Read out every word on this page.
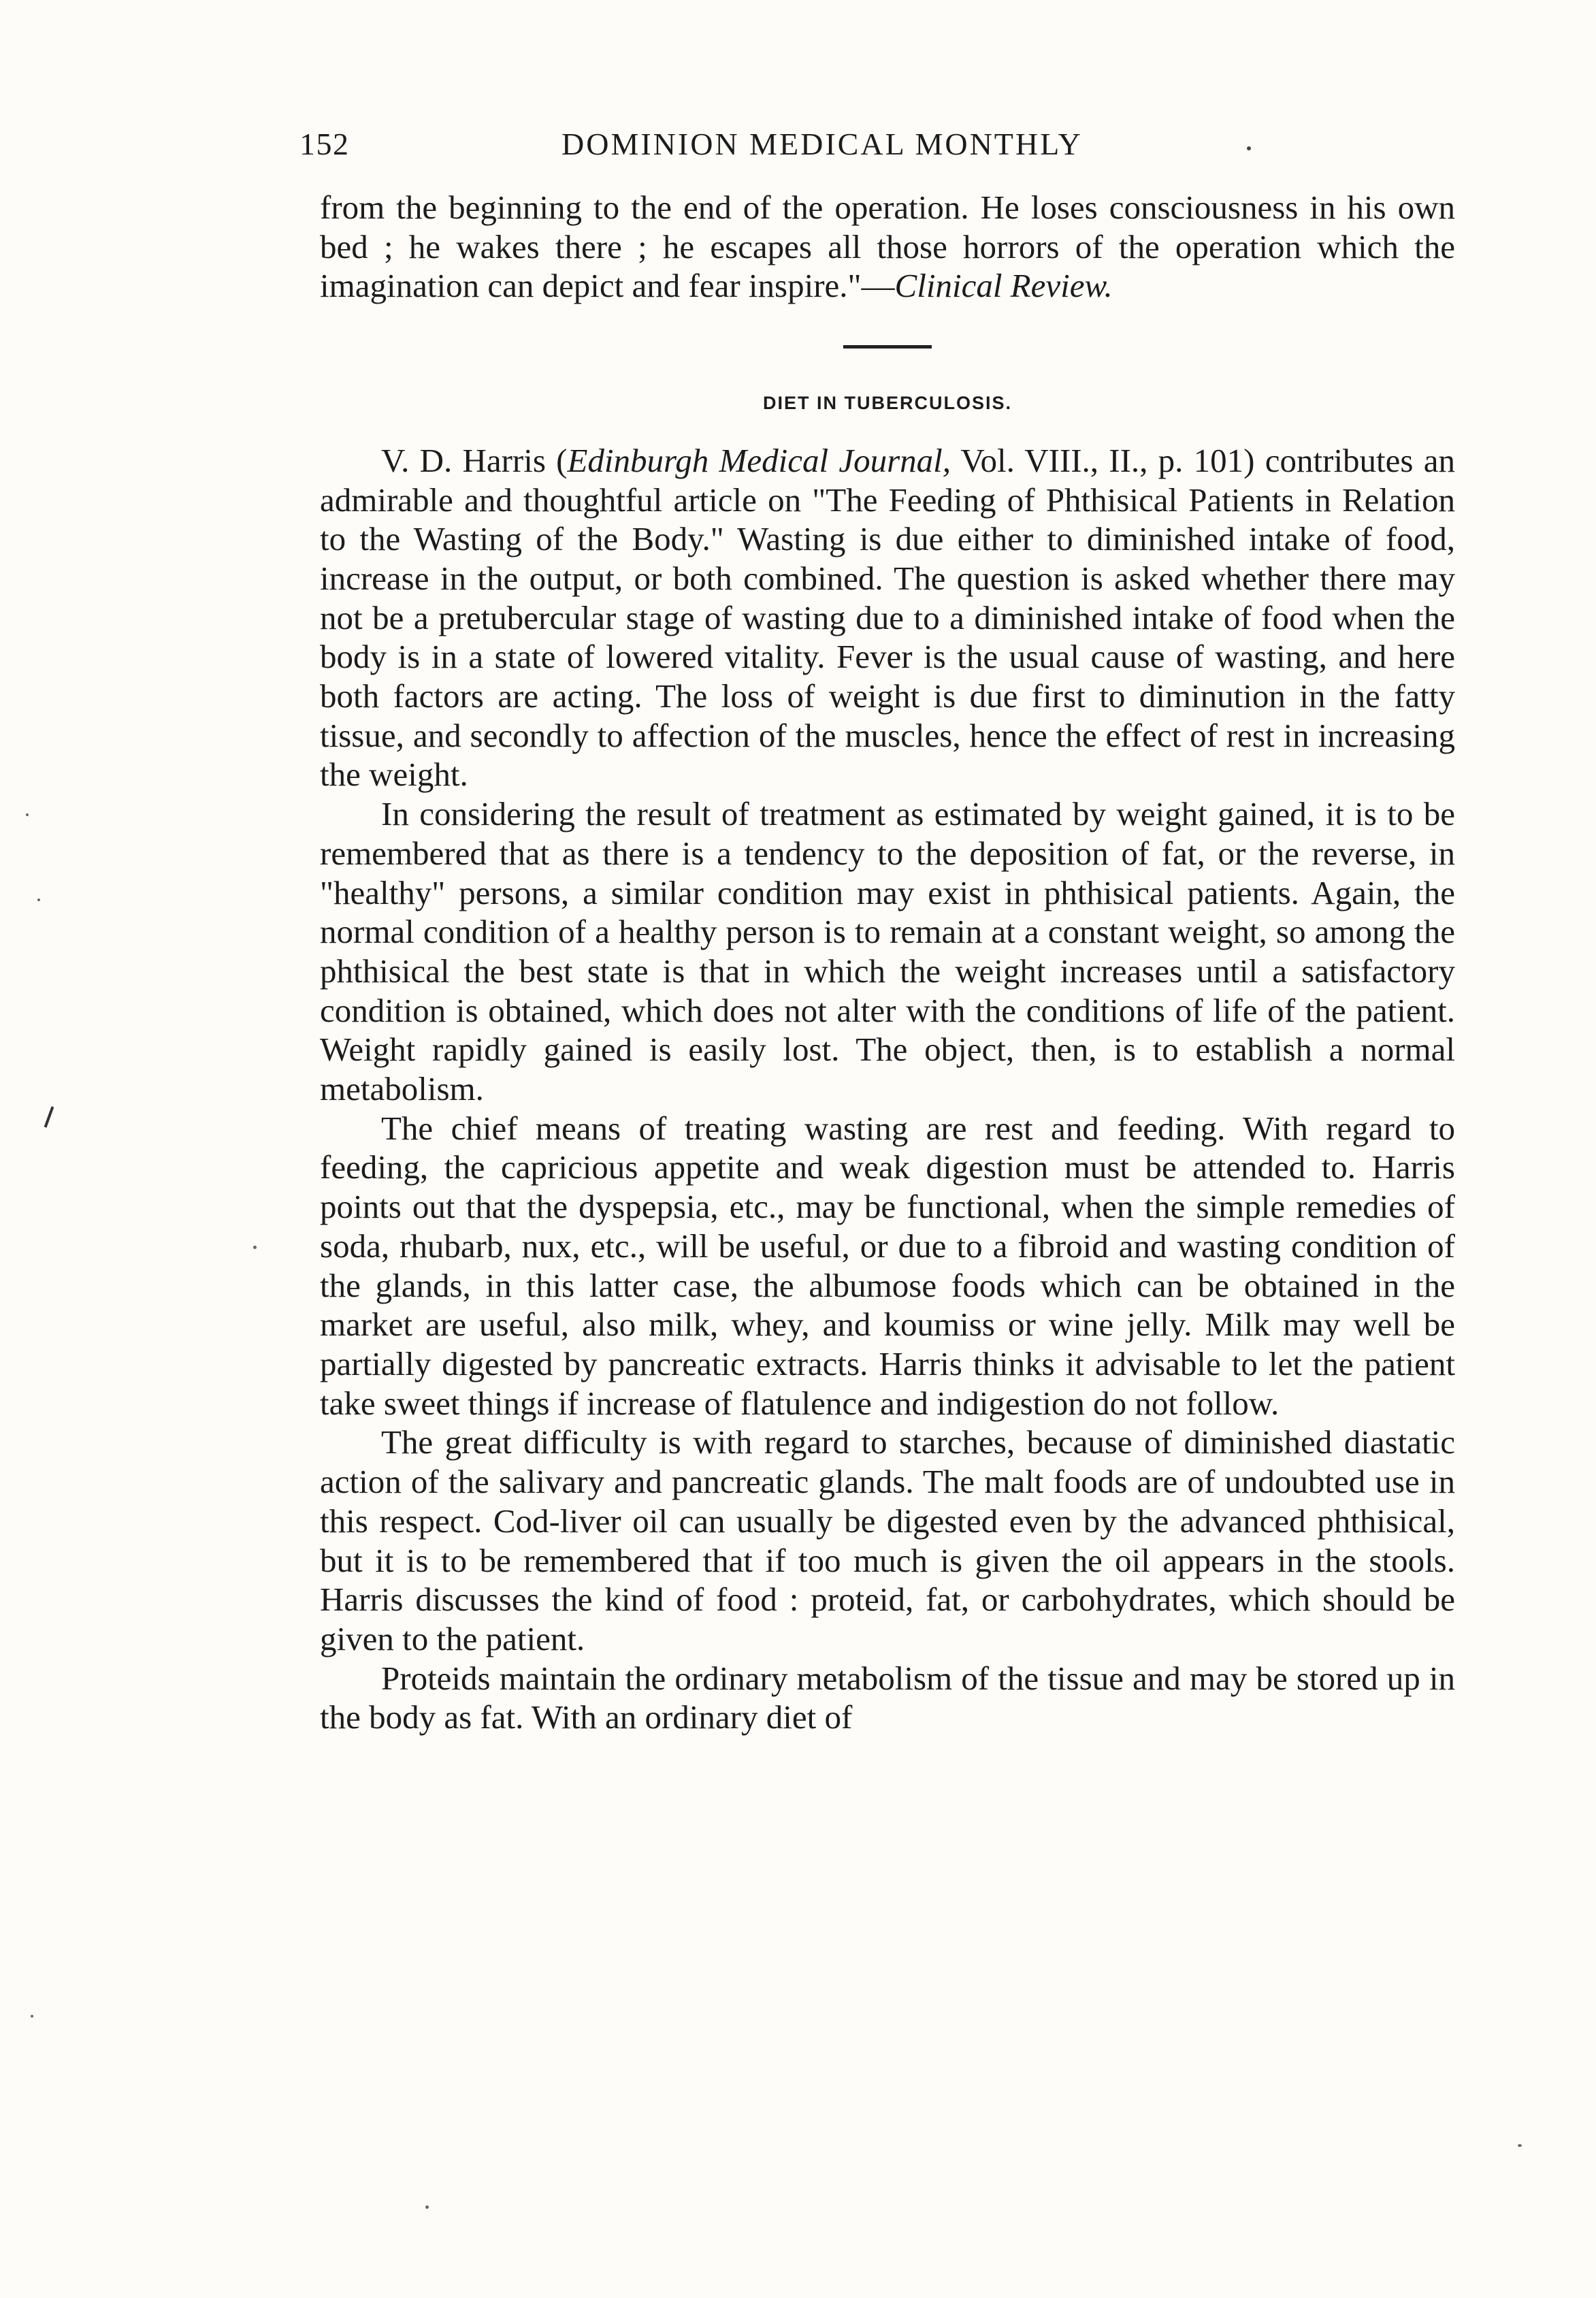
152	DOMINION MEDICAL MONTHLY

from the beginning to the end of the operation. He loses consciousness in his own bed ; he wakes there ; he escapes all those horrors of the operation which the imagination can depict and fear inspire."—Clinical Review.

DIET IN TUBERCULOSIS.

V. D. Harris (Edinburgh Medical Journal, Vol. VIII., II., p. 101) contributes an admirable and thoughtful article on "The Feeding of Phthisical Patients in Relation to the Wasting of the Body." Wasting is due either to diminished intake of food, increase in the output, or both combined. The question is asked whether there may not be a pretubercular stage of wasting due to a diminished intake of food when the body is in a state of lowered vitality. Fever is the usual cause of wasting, and here both factors are acting. The loss of weight is due first to diminution in the fatty tissue, and secondly to affection of the muscles, hence the effect of rest in increasing the weight.

In considering the result of treatment as estimated by weight gained, it is to be remembered that as there is a tendency to the deposition of fat, or the reverse, in "healthy" persons, a similar condition may exist in phthisical patients. Again, the normal condition of a healthy person is to remain at a constant weight, so among the phthisical the best state is that in which the weight increases until a satisfactory condition is obtained, which does not alter with the conditions of life of the patient. Weight rapidly gained is easily lost. The object, then, is to establish a normal metabolism.

The chief means of treating wasting are rest and feeding. With regard to feeding, the capricious appetite and weak digestion must be attended to. Harris points out that the dyspepsia, etc., may be functional, when the simple remedies of soda, rhubarb, nux, etc., will be useful, or due to a fibroid and wasting condition of the glands, in this latter case, the albumose foods which can be obtained in the market are useful, also milk, whey, and koumiss or wine jelly. Milk may well be partially digested by pancreatic extracts. Harris thinks it advisable to let the patient take sweet things if increase of flatulence and indigestion do not follow.

The great difficulty is with regard to starches, because of diminished diastatic action of the salivary and pancreatic glands. The malt foods are of undoubted use in this respect. Cod-liver oil can usually be digested even by the advanced phthisical, but it is to be remembered that if too much is given the oil appears in the stools. Harris discusses the kind of food : proteid, fat, or carbohydrates, which should be given to the patient.

Proteids maintain the ordinary metabolism of the tissue and may be stored up in the body as fat. With an ordinary diet of
